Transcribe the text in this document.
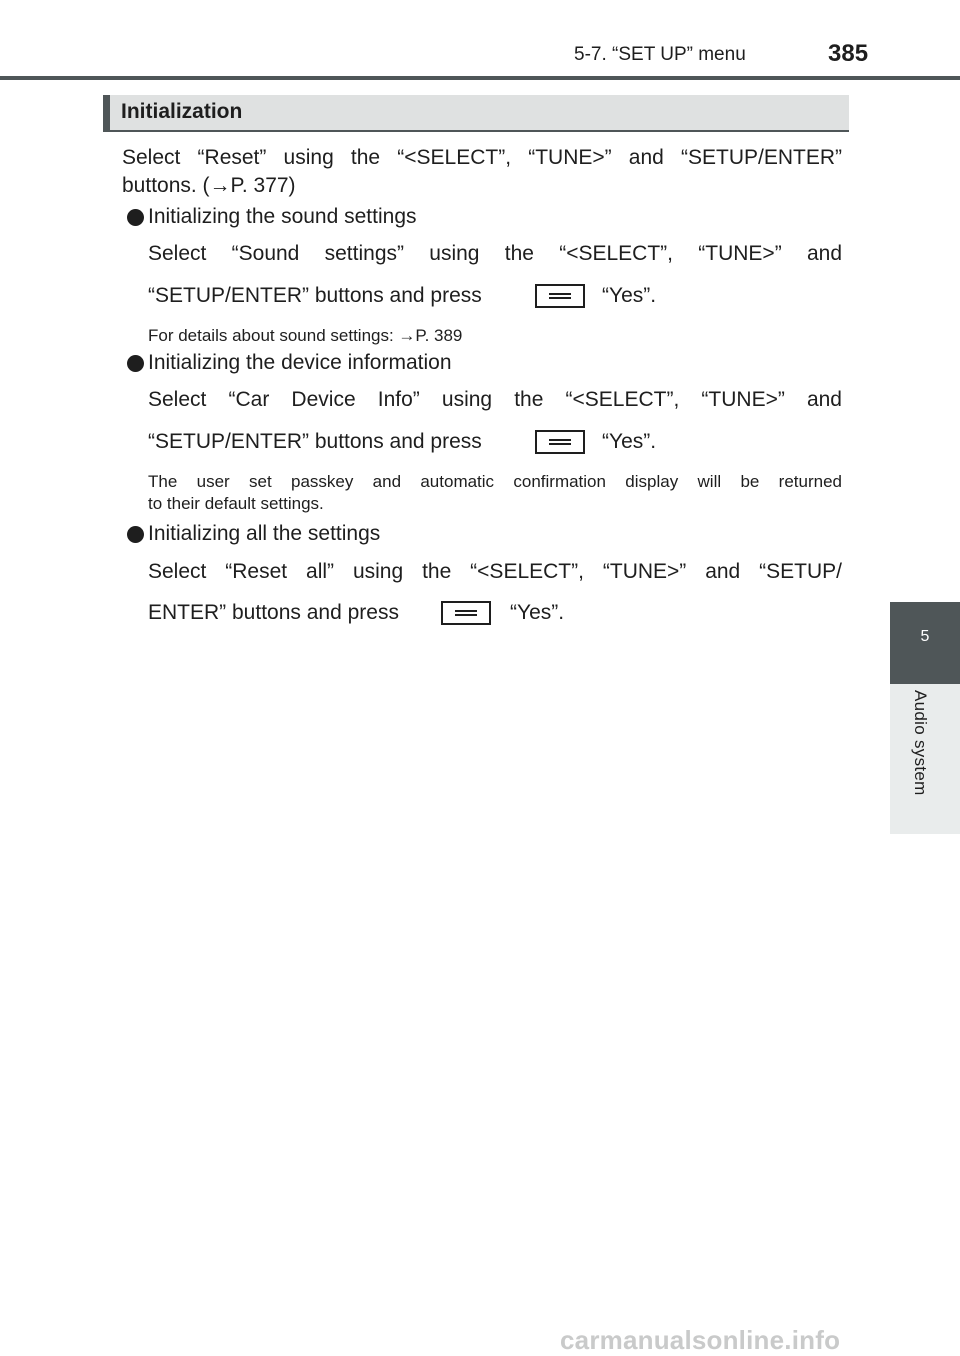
5-7. “SET UP” menu	385
5
Audio system
Initialization
Select “Reset” using the “<SELECT”, “TUNE>” and “SETUP/ENTER”
buttons. (→P. 377)
Initializing the sound settings
Select “Sound settings” using the “<SELECT”, “TUNE>” and
“SETUP/ENTER” buttons and press	“Yes”.
For details about sound settings: →P. 389
Initializing the device information
Select “Car Device Info” using the “<SELECT”, “TUNE>” and
“SETUP/ENTER” buttons and press	“Yes”.
The user set passkey and automatic confirmation display will be returned
to their default settings.
Initializing all the settings
Select “Reset all” using the “<SELECT”, “TUNE>” and “SETUP/
ENTER” buttons and press	“Yes”.
carmanualsonline.info
